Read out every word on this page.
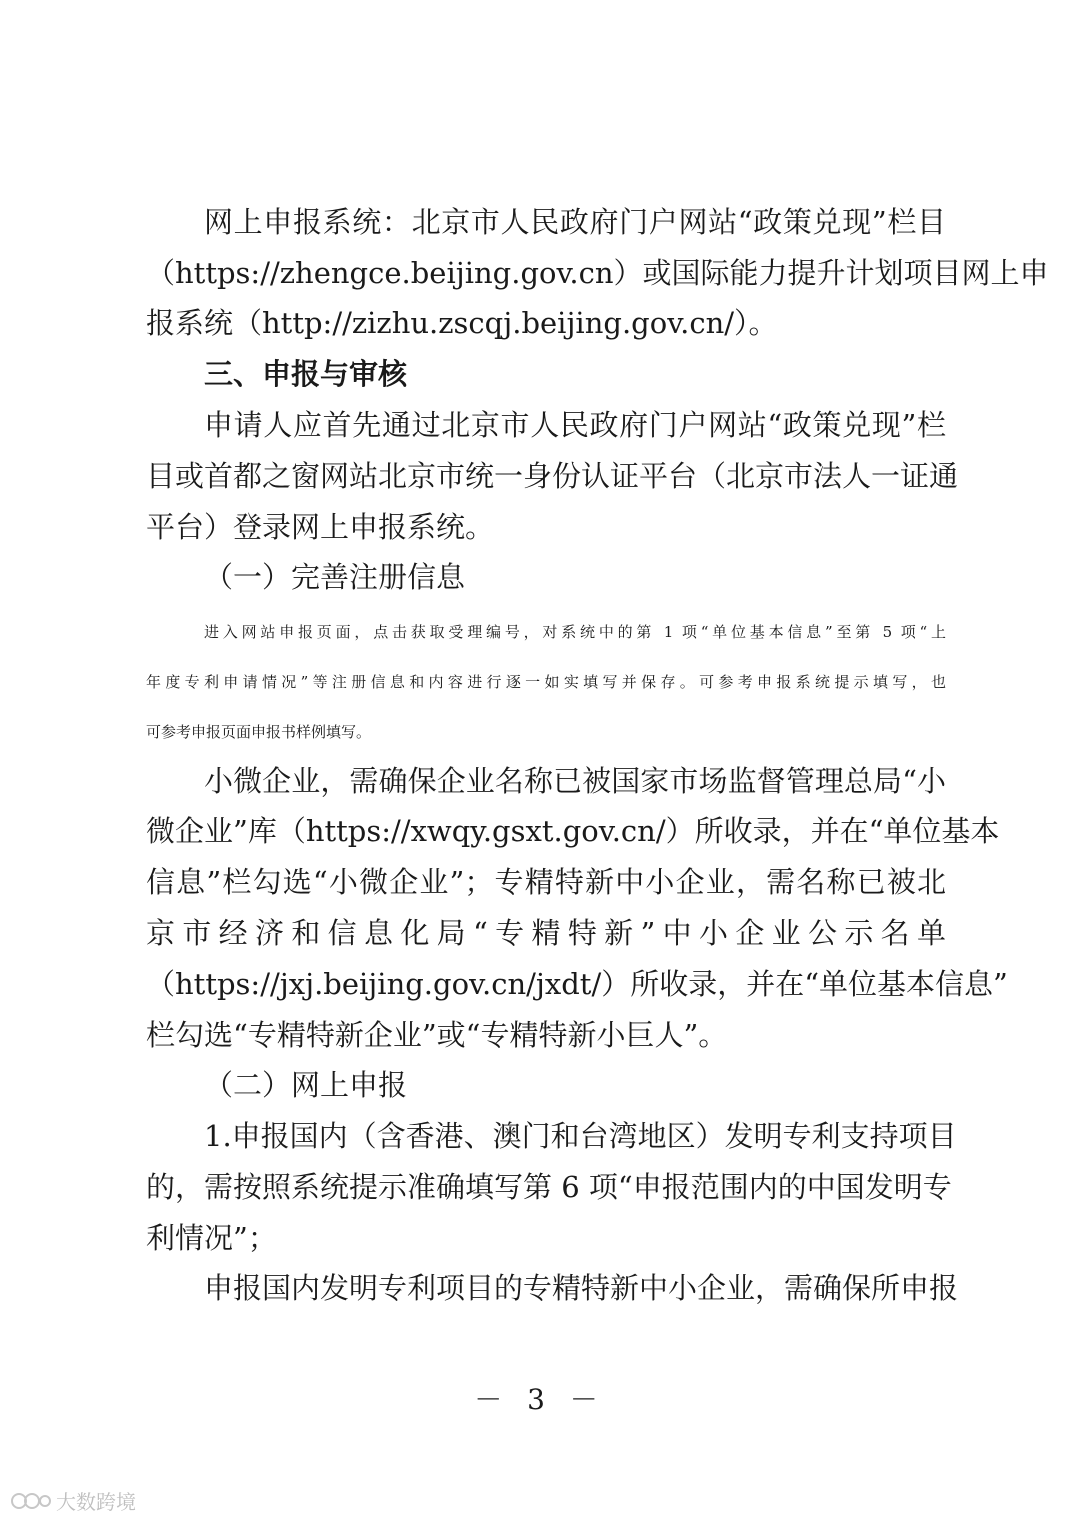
网上申报系统：北京市人民政府门户网站“政策兑现”栏目
（https://zhengce.beijing.gov.cn）或国际能力提升计划项目网上申
报系统（http://zizhu.zscqj.beijing.gov.cn/）。
三、申报与审核
申请人应首先通过北京市人民政府门户网站“政策兑现”栏
目或首都之窗网站北京市统一身份认证平台（北京市法人一证通
平台）登录网上申报系统。
（一）完善注册信息
进入网站申报页面，点击获取受理编号，对系统中的第 1 项“单位基本信息”至第 5 项“上
年度专利申请情况”等注册信息和内容进行逐一如实填写并保存。可参考申报系统提示填写，也
可参考申报页面申报书样例填写。
小微企业，需确保企业名称已被国家市场监督管理总局“小
微企业”库（https://xwqy.gsxt.gov.cn/）所收录，并在“单位基本
信息”栏勾选“小微企业”；专精特新中小企业，需名称已被北
京市经济和信息化局“专精特新”中小企业公示名单
（https://jxj.beijing.gov.cn/jxdt/）所收录，并在“单位基本信息”
栏勾选“专精特新企业”或“专精特新小巨人”。
（二）网上申报
1.申报国内（含香港、澳门和台湾地区）发明专利支持项目
的，需按照系统提示准确填写第 6 项“申报范围内的中国发明专
利情况”；
申报国内发明专利项目的专精特新中小企业，需确保所申报
－ 3 －
大数跨境
